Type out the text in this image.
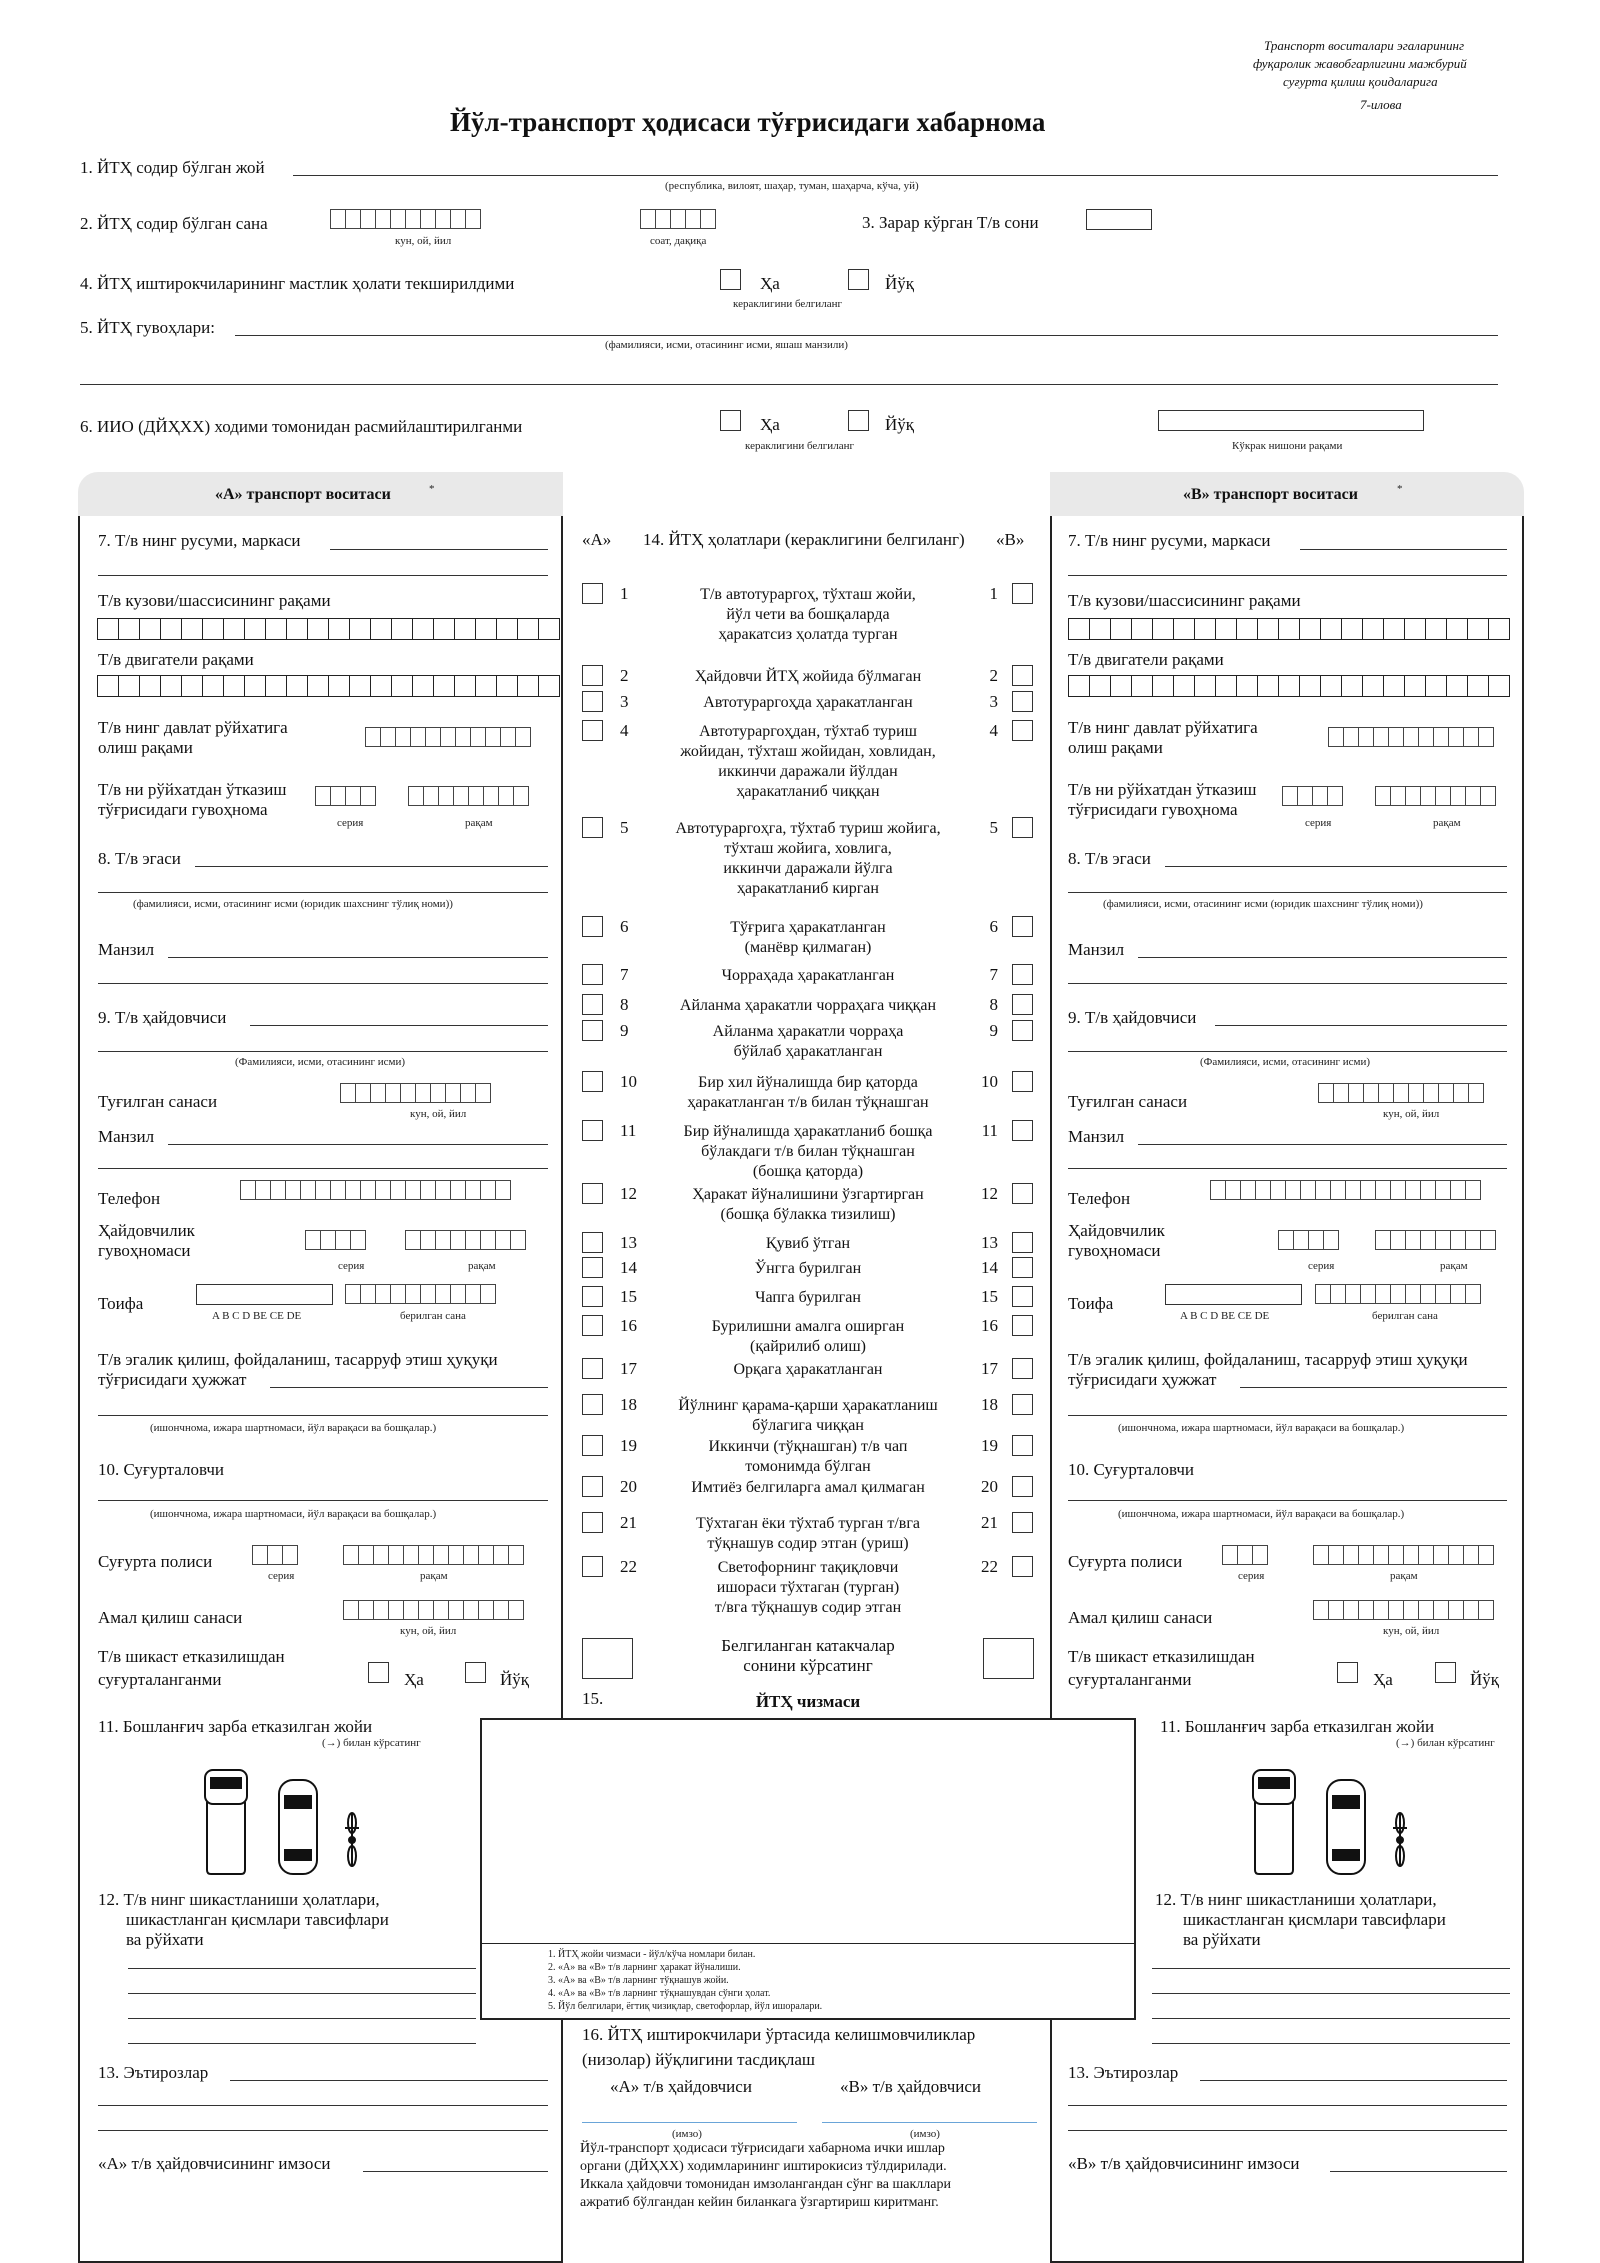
Транспорт воситалари эгаларининг
фуқаролик жавобгарлигини мажбурий
суғурта қилиш қоидаларига
7-илова
Йўл-транспорт ҳодисаси тўғрисидаги хабарнома
1. ЙТҲ содир бўлган жой
(республика, вилоят, шаҳар, туман, шаҳарча, кўча, уй)
2. ЙТҲ содир бўлган сана
кун, ой, йил	соат, дақиқа
3. Зарар кўрган Т/в сони
4. ЙТҲ иштирокчиларининг мастлик ҳолати текширилдими	Ҳа	Йўқ
кераклигини белгиланг
5. ЙТҲ гувоҳлари:
(фамилияси, исми, отасининг исми, яшаш манзили)
6. ИИО (ДЙҲХХ) ходими томонидан расмийлаштирилганми	Ҳа	Йўқ
кераклигини белгиланг	Кўкрак нишони рақами
«А» транспорт воситаси	*	«В» транспорт воситаси	*
7. Т/в нинг русуми, маркаси
Т/в кузови/шассисининг рақами
Т/в двигатели рақами
Т/в нинг давлат рўйхатига
олиш рақами
Т/в ни рўйхатдан ўтказиш
тўғрисидаги гувоҳнома
серия	рақам
8. Т/в эгаси
(фамилияси, исми, отасининг исми (юридик шахснинг тўлиқ номи))
Манзил
9. Т/в ҳайдовчиси
(Фамилияси, исми, отасининг исми)
Туғилган санаси
кун, ой, йил
Манзил
Телефон
Ҳайдовчилик
гувоҳномаси
серия	рақам
Тоифа
A B C D BE CE DE	берилган сана
Т/в эгалик қилиш, фойдаланиш, тасарруф этиш ҳуқуқи
тўғрисидаги ҳужжат
(ишончнома, ижара шартномаси, йўл варақаси ва бошқалар.)
10. Суғурталовчи
(ишончнома, ижара шартномаси, йўл варақаси ва бошқалар.)
Суғурта полиси
серия	рақам
Амал қилиш санаси
кун, ой, йил
Т/в шикаст етказилишдан
суғурталанганми	Ҳа	Йўқ
11. Бошланғич зарба етказилган жойи
(→) билан кўрсатинг
12. Т/в нинг шикастланиши ҳолатлари,
шикастланган қисмлари тавсифлари
ва рўйхати
13. Эътирозлар
«А» т/в ҳайдовчисининг имзоси
7. Т/в нинг русуми, маркаси
Т/в кузови/шассисининг рақами
Т/в двигатели рақами
Т/в нинг давлат рўйхатига
олиш рақами
Т/в ни рўйхатдан ўтказиш
тўғрисидаги гувоҳнома
серия	рақам
8. Т/в эгаси
(фамилияси, исми, отасининг исми (юридик шахснинг тўлиқ номи))
Манзил
9. Т/в ҳайдовчиси
(Фамилияси, исми, отасининг исми)
Туғилган санаси
кун, ой, йил
Манзил
Телефон
Ҳайдовчилик
гувоҳномаси
серия	рақам
Тоифа
A B C D BE CE DE	берилган сана
Т/в эгалик қилиш, фойдаланиш, тасарруф этиш ҳуқуқи
тўғрисидаги ҳужжат
(ишончнома, ижара шартномаси, йўл варақаси ва бошқалар.)
10. Суғурталовчи
(ишончнома, ижара шартномаси, йўл варақаси ва бошқалар.)
Суғурта полиси
серия	рақам
Амал қилиш санаси
кун, ой, йил
Т/в шикаст етказилишдан
суғурталанганми	Ҳа	Йўқ
11. Бошланғич зарба етказилган жойи
(→) билан кўрсатинг
12. Т/в нинг шикастланиши ҳолатлари,
шикастланган қисмлари тавсифлари
ва рўйхати
13. Эътирозлар
«В» т/в ҳайдовчисининг имзоси
«А» 14. ЙТҲ ҳолатлари (кераклигини белгиланг) «В»
1	1
Т/в автотураргоҳ, тўхташ жойи,
йўл чети ва бошқаларда
ҳаракатсиз ҳолатда турган
2	2
Ҳайдовчи ЙТҲ жойида бўлмаган
3	3
Автотураргоҳда ҳаракатланган
4	4
Автотураргоҳдан, тўхтаб туриш
жойидан, тўхташ жойидан, ховлидан,
иккинчи даражали йўлдан
ҳаракатланиб чиққан
5	5
Автотураргоҳга, тўхтаб туриш жойига,
тўхташ жойига, ховлига,
иккинчи даражали йўлга
ҳаракатланиб кирган
6	6
Тўғрига ҳаракатланган
(манёвр қилмаган)
7	7
Чорраҳада ҳаракатланган
8	8
Айланма ҳаракатли чорраҳага чиққан
9	9
Айланма ҳаракатли чорраҳа
бўйлаб ҳаракатланган
10	10
Бир хил йўналишда бир қаторда
ҳаракатланган т/в билан тўқнашган
11	11
Бир йўналишда ҳаракатланиб бошқа
бўлакдаги т/в билан тўқнашган
(бошқа қаторда)
12	12
Ҳаракат йўналишини ўзгартирган
(бошқа бўлакка тизилиш)
13	13
Қувиб ўтган
14	14
Ўнгга бурилган
15	15
Чапга бурилган
16	16
Бурилишни амалга оширган
(қайрилиб олиш)
17	17
Орқага ҳаракатланган
18	18
Йўлнинг қарама-қарши ҳаракатланиш
бўлагига чиққан
19	19
Иккинчи (тўқнашган) т/в чап
томонимда бўлган
20	20
Имтиёз белгиларга амал қилмаган
21	21
Тўхтаган ёки тўхтаб турган т/вга
тўқнашув содир этган (уриш)
22	22
Светофорнинг тақиқловчи
ишораси тўхтаган (турган)
т/вга тўқнашув содир этган
Белгиланган катакчалар
сонини кўрсатинг
15.	ЙТҲ чизмаси
1. ЙТҲ жойи чизмаси - йўл/кўча номлари билан.
2. «А» ва «В» т/в ларнинг ҳаракат йўналиши.
3. «А» ва «В» т/в ларнинг тўқнашув жойи.
4. «А» ва «В» т/в ларнинг тўқнашувдан сўнги ҳолат.
5. Йўл белгилари, ёгтиқ чизиқлар, светофорлар, йўл ишоралари.
16. ЙТҲ иштирокчилари ўртасида келишмовчиликлар
(низолар) йўқлигини тасдиқлаш
«А» т/в ҳайдовчиси	«В» т/в ҳайдовчиси
(имзо)	(имзо)
Йўл-транспорт ҳодисаси тўғрисидаги хабарнома ички ишлар
органи (ДЙҲХХ) ходимларининг иштирокисиз тўлдирилади.
Иккала ҳайдовчи томонидан имзолангандан сўнг ва шакллари
ажратиб бўлгандан кейин биланкага ўзгартириш киритманг.
